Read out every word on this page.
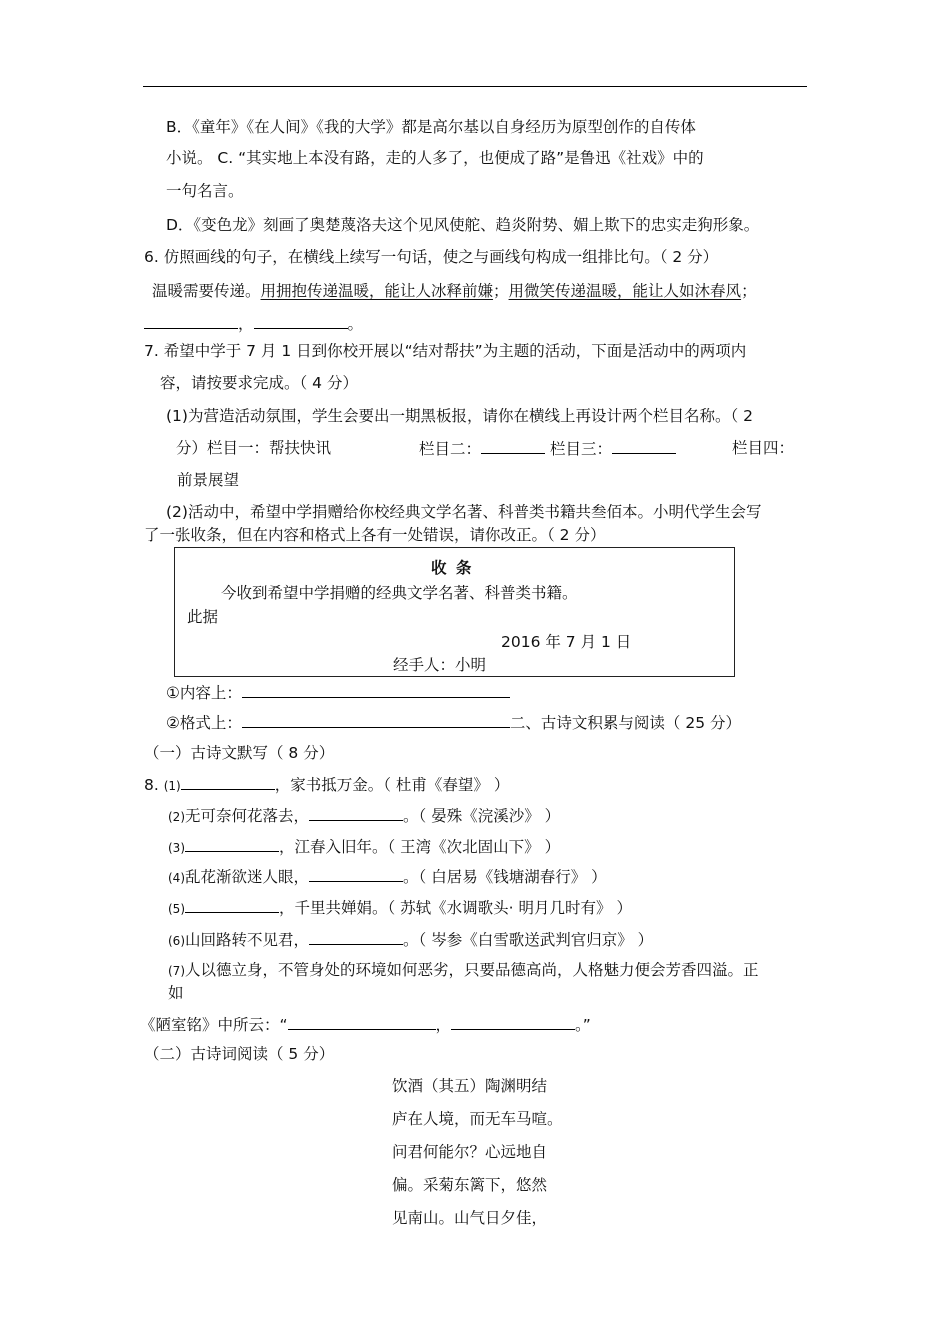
B．《童年》《在人间》《我的大学》都是高尔基以自身经历为原型创作的自传体
小说。 C. “其实地上本没有路，走的人多了，也便成了路”是鲁迅《社戏》中的
一句名言。
D．《变色龙》刻画了奥楚蔑洛夫这个见风使舵、趋炎附势、媚上欺下的忠实走狗形象。
6. 仿照画线的句子，在横线上续写一句话，使之与画线句构成一组排比句。（ 2 分）
温暖需要传递。用拥抱传递温暖，能让人冰释前嫌；用微笑传递温暖，能让人如沐春风；
，	。
7. 希望中学于 7 月 1 日到你校开展以“结对帮扶”为主题的活动，下面是活动中的两项内
容，请按要求完成。（ 4 分）
(1)为营造活动氛围，学生会要出一期黑板报，请你在横线上再设计两个栏目名称。（ 2
分）栏目一：帮扶快讯	栏目二：	栏目三：	栏目四：
前景展望
(2)活动中，希望中学捐赠给你校经典文学名著、科普类书籍共叁佰本。小明代学生会写
了一张收条，但在内容和格式上各有一处错误，请你改正。（ 2 分）
收 条
今收到希望中学捐赠的经典文学名著、科普类书籍。
此据
2016 年 7 月 1 日
经手人：小明
①内容上：
②格式上：	二、古诗文积累与阅读（ 25 分）
（一）古诗文默写（ 8 分）
8. (1)	，家书抵万金。（ 杜甫《春望》 ）
(2)无可奈何花落去，	。（ 晏殊《浣溪沙》 ）
(3)	，江春入旧年。（ 王湾《次北固山下》 ）
(4)乱花渐欲迷人眼，	。（ 白居易《钱塘湖春行》 ）
(5)	，千里共婵娟。（ 苏轼《水调歌头· 明月几时有》 ）
(6)山回路转不见君，	。（ 岑参《白雪歌送武判官归京》 ）
(7)人以德立身，不管身处的环境如何恶劣，只要品德高尚，人格魅力便会芳香四溢。正
如
《陋室铭》中所云：“	，	。”
（二）古诗词阅读（ 5 分）
饮酒（其五）陶渊明结
庐在人境，而无车马喧。
问君何能尔？心远地自
偏。采菊东篱下，悠然
见南山。山气日夕佳，
